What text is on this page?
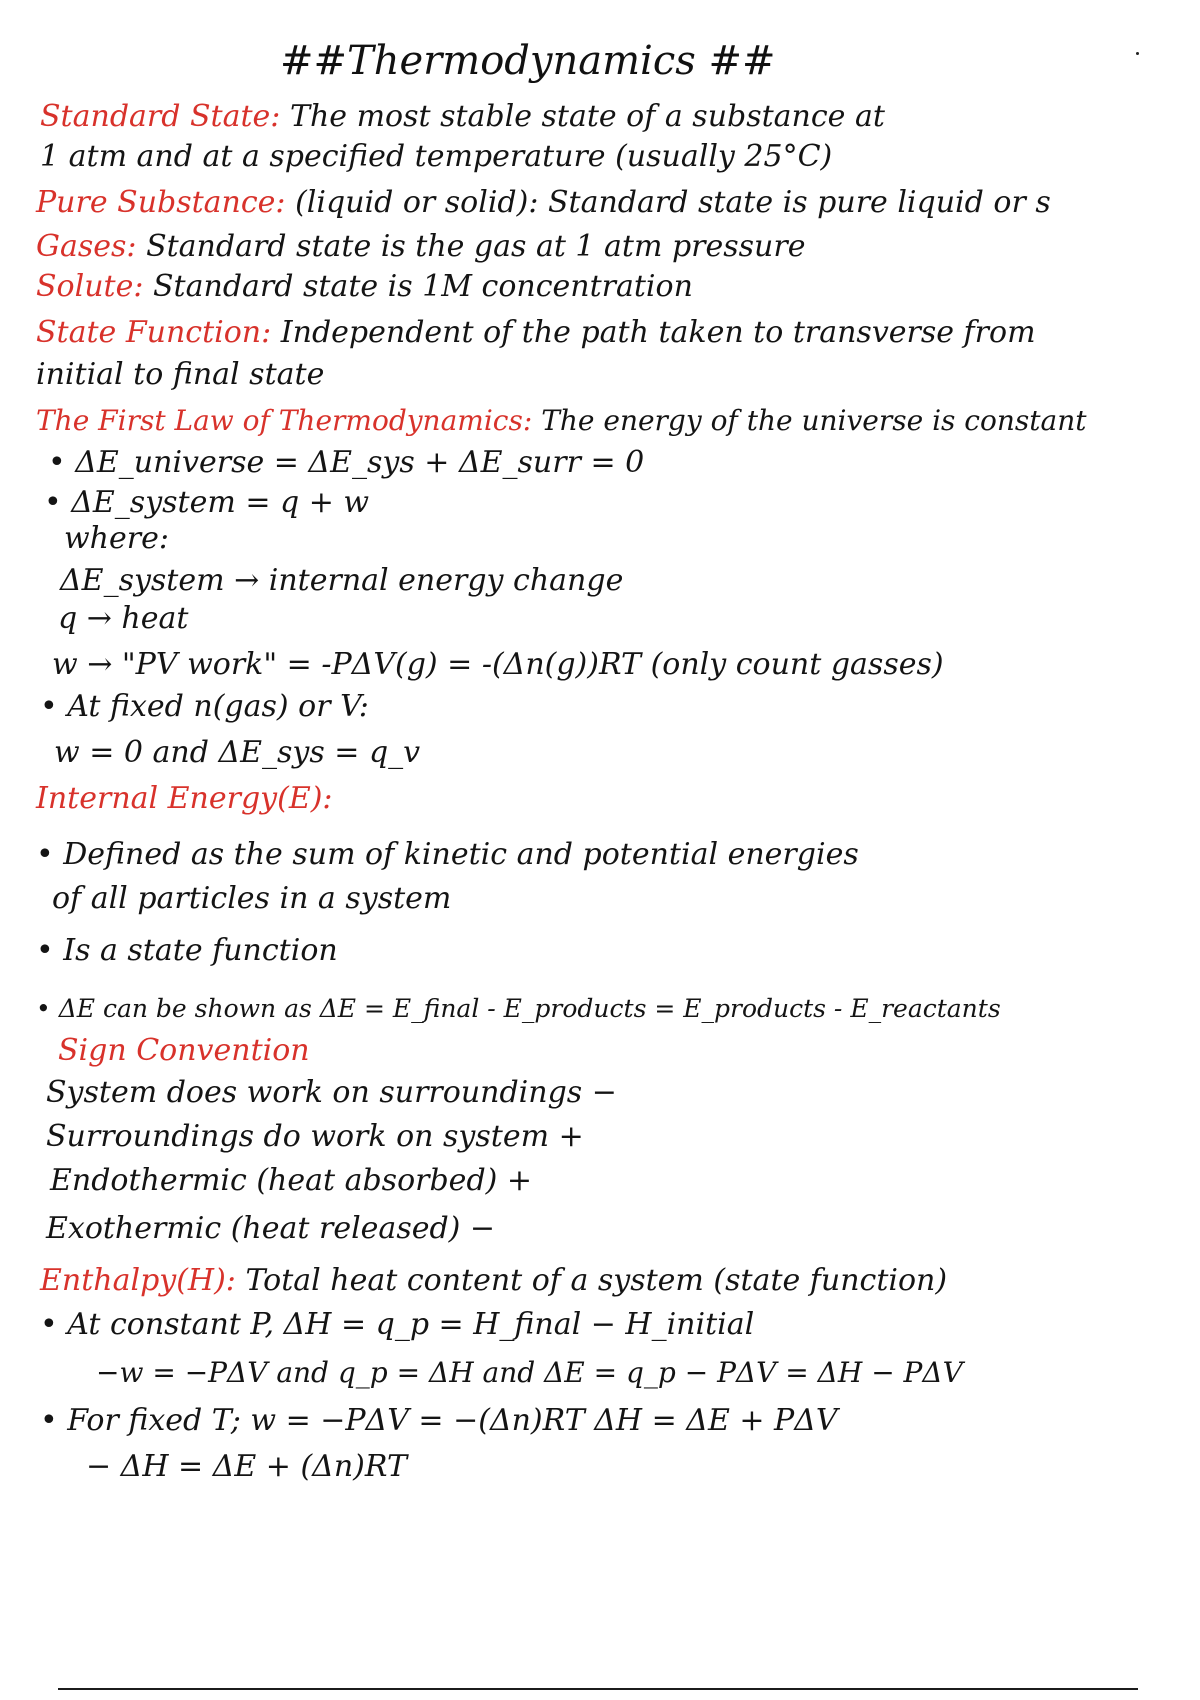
##Thermodynamics ##
Standard State: The most stable state of a substance at
1 atm and at a specified temperature (usually 25°C)
Pure Substance: (liquid or solid): Standard state is pure liquid or s
Gases: Standard state is the gas at 1 atm pressure
Solute: Standard state is 1M concentration
State Function: Independent of the path taken to transverse from
initial to final state
The First Law of Thermodynamics: The energy of the universe is constant
• ΔE_universe = ΔE_sys + ΔE_surr = 0
• ΔE_system = q + w
where:
ΔE_system → internal energy change
q → heat
w → "PV work" = -PΔV(g) = -(Δn(g))RT (only count gasses)
• At fixed n(gas) or V:
w = 0 and ΔE_sys = q_v
Internal Energy(E):
• Defined as the sum of kinetic and potential energies
of all particles in a system
• Is a state function
• ΔE can be shown as ΔE = E_final - E_products = E_products - E_reactants
Sign Convention
System does work on surroundings −
Surroundings do work on system +
Endothermic (heat absorbed) +
Exothermic (heat released) −
Enthalpy(H): Total heat content of a system (state function)
• At constant P, ΔH = q_p = H_final − H_initial
−w = −PΔV and q_p = ΔH and ΔE = q_p − PΔV = ΔH − PΔV
• For fixed T; w = −PΔV = −(Δn)RT ΔH = ΔE + PΔV
− ΔH = ΔE + (Δn)RT
